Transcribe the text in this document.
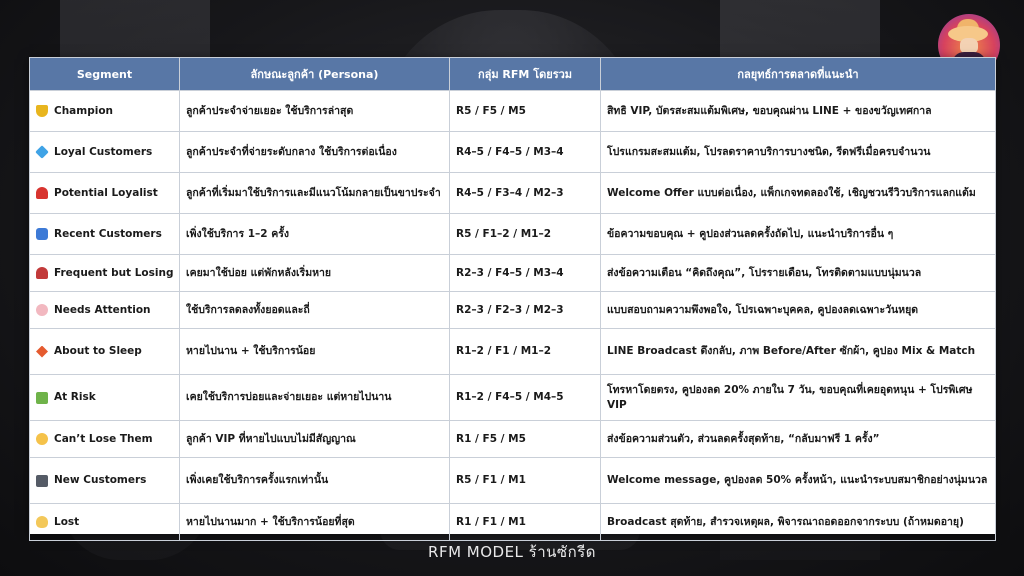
Segment	ลักษณะลูกค้า (Persona)	กลุ่ม RFM โดยรวม	กลยุทธ์การตลาดที่แนะนำ

Champion	ลูกค้าประจำจ่ายเยอะ ใช้บริการล่าสุด	R5 / F5 / M5	สิทธิ VIP, บัตรสะสมแต้มพิเศษ, ขอบคุณผ่าน LINE + ของขวัญเทศกาล

Loyal Customers	ลูกค้าประจำที่จ่ายระดับกลาง ใช้บริการต่อเนื่อง	R4–5 / F4–5 / M3–4	โปรแกรมสะสมแต้ม, โปรลดราคาบริการบางชนิด, รีดฟรีเมื่อครบจำนวน

Potential Loyalist	ลูกค้าที่เริ่มมาใช้บริการและมีแนวโน้มกลายเป็นขาประจำ	R4–5 / F3–4 / M2–3	Welcome Offer แบบต่อเนื่อง, แพ็กเกจทดลองใช้, เชิญชวนรีวิวบริการแลกแต้ม

Recent Customers	เพิ่งใช้บริการ 1–2 ครั้ง	R5 / F1–2 / M1–2	ข้อความขอบคุณ + คูปองส่วนลดครั้งถัดไป, แนะนำบริการอื่น ๆ

Frequent but Losing	เคยมาใช้บ่อย แต่พักหลังเริ่มหาย	R2–3 / F4–5 / M3–4	ส่งข้อความเตือน “คิดถึงคุณ”, โปรรายเดือน, โทรติดตามแบบนุ่มนวล

Needs Attention	ใช้บริการลดลงทั้งยอดและถี่	R2–3 / F2–3 / M2–3	แบบสอบถามความพึงพอใจ, โปรเฉพาะบุคคล, คูปองลดเฉพาะวันหยุด

About to Sleep	หายไปนาน + ใช้บริการน้อย	R1–2 / F1 / M1–2	LINE Broadcast ดึงกลับ, ภาพ Before/After ซักผ้า, คูปอง Mix & Match

At Risk	เคยใช้บริการบ่อยและจ่ายเยอะ แต่หายไปนาน	R1–2 / F4–5 / M4–5	โทรหาโดยตรง, คูปองลด 20% ภายใน 7 วัน, ขอบคุณที่เคยอุดหนุน + โปรพิเศษ VIP

Can’t Lose Them	ลูกค้า VIP ที่หายไปแบบไม่มีสัญญาณ	R1 / F5 / M5	ส่งข้อความส่วนตัว, ส่วนลดครั้งสุดท้าย, “กลับมาฟรี 1 ครั้ง”

New Customers	เพิ่งเคยใช้บริการครั้งแรกเท่านั้น	R5 / F1 / M1	Welcome message, คูปองลด 50% ครั้งหน้า, แนะนำระบบสมาชิกอย่างนุ่มนวล

Lost	หายไปนานมาก + ใช้บริการน้อยที่สุด	R1 / F1 / M1	Broadcast สุดท้าย, สำรวจเหตุผล, พิจารณาถอดออกจากระบบ (ถ้าหมดอายุ)
RFM MODEL ร้านซักรีด
